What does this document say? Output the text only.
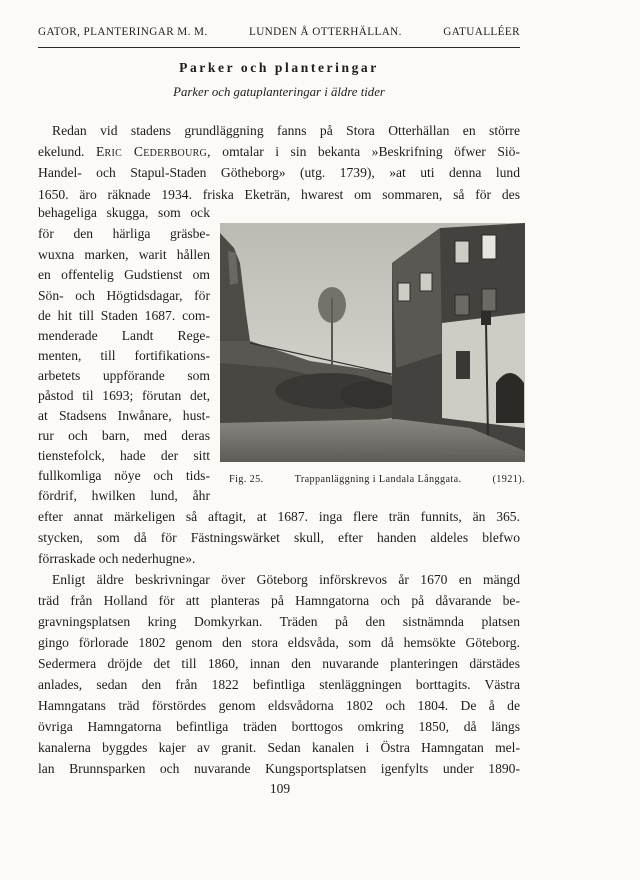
GATOR, PLANTERINGAR M. M.	LUNDEN Å OTTERHÄLLAN.	GATUALLÉER
Parker och planteringar
Parker och gatuplanteringar i äldre tider
Redan vid stadens grundläggning fanns på Stora Otterhällan en större
ekelund. Eric Cederbourg, omtalar i sin bekanta »Beskrifning öfwer Siö-
Handel- och Stapul-Staden Götheborg» (utg. 1739), »at uti denna lund
1650. äro räknade 1934. friska Eketrän, hwarest om sommaren, så för des
behageliga skugga, som ock
för den härliga gräsbe-
wuxna marken, warit hållen
en offentelig Gudstienst om
Sön- och Högtidsdagar, för
de hit till Staden 1687. com-
menderade Landt Rege-
menten, till fortifikations-
arbetets uppförande som
påstod til 1693; förutan det,
at Stadsens Inwånare, hust-
rur och barn, med deras
tienstefolck, hade der sitt
fullkomliga nöye och tids-
fördrif, hwilken lund, åhr
efter annat märkeligen så aftagit, at 1687. inga flere trän funnits, än 365.
stycken, som då för Fästningswärket skull, efter handen aldeles blefwo
förraskade och nederhugne».
Enligt äldre beskrivningar över Göteborg införskrevos år 1670 en mängd
träd från Holland för att planteras på Hamngatorna och på dåvarande be-
gravningsplatsen kring Domkyrkan. Träden på den sistnämnda platsen
gingo förlorade 1802 genom den stora eldsvåda, som då hemsökte Göteborg.
Sedermera dröjde det till 1860, innan den nuvarande planteringen därstädes
anlades, sedan den från 1822 befintliga stenläggningen borttagits. Västra
Hamngatans träd förstördes genom eldsvådorna 1802 och 1804. De å de
övriga Hamngatorna befintliga träden borttogos omkring 1850, då längs
kanalerna byggdes kajer av granit. Sedan kanalen i Östra Hamngatan mel-
lan Brunnsparken och nuvarande Kungsportsplatsen igenfylts under 1890-
Fig. 25.	Trappanläggning i Landala Långgata.	(1921).
109
